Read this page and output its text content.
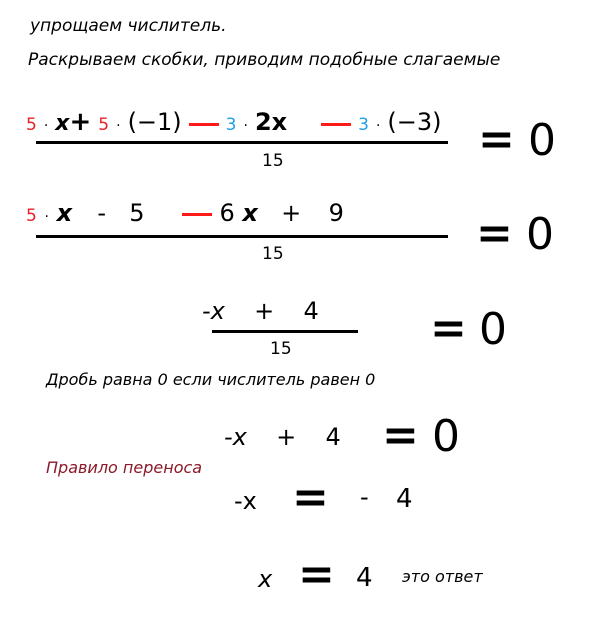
упрощаем числитель.
Раскрываем скобки, приводим подобные слагаемые
5 · x+ 5 · (−1)	3 · 2x	3 · (−3)
15	= 0
5 · x - 5	6 x + 9
15	= 0
-x + 4
15	= 0
Дробь равна 0 если числитель равен 0
-x + 4 = 0
Правило переноса
-x = - 4
x = 4 это ответ
